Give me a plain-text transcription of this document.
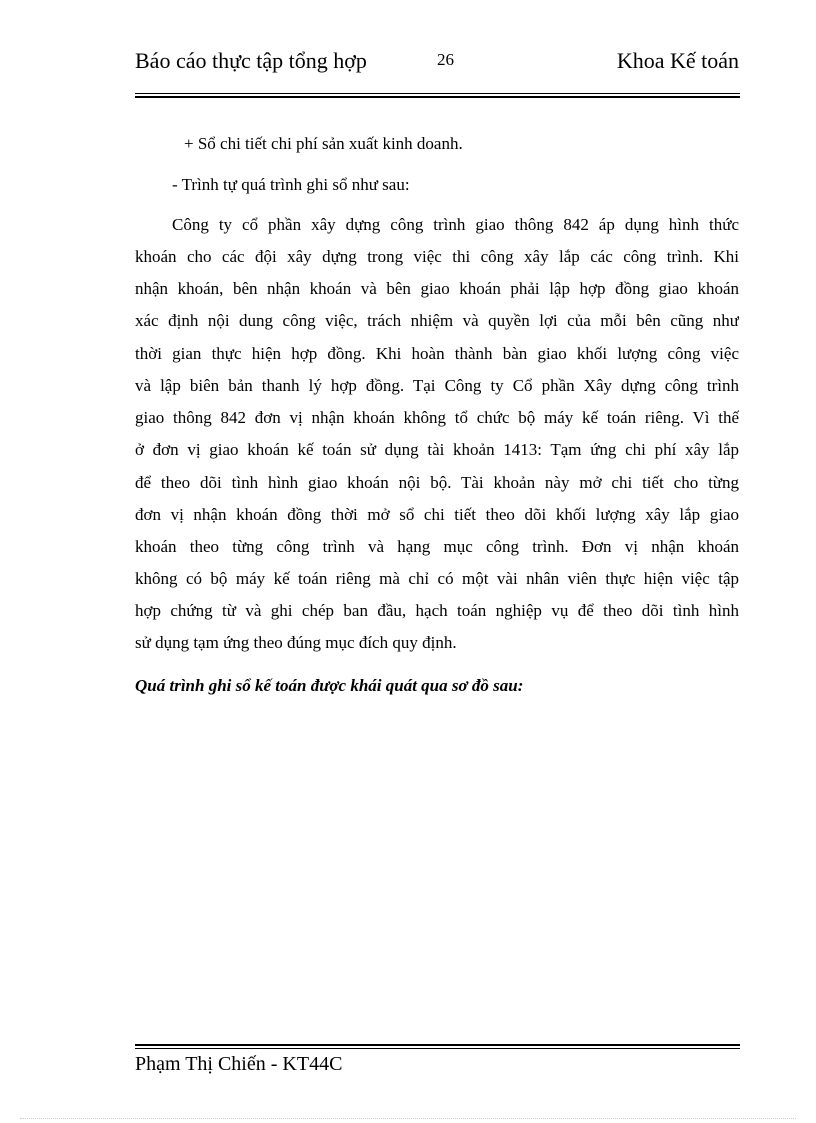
Báo cáo thực tập tổng hợp	26	Khoa Kế toán
+ Sổ chi tiết chi phí sản xuất kinh doanh.
- Trình tự quá trình ghi sổ như sau:
Công ty cổ phần xây dựng công trình giao thông 842 áp dụng hình thức
khoán cho các đội xây dựng trong việc thi công xây lắp các công trình. Khi
nhận khoán, bên nhận khoán và bên giao khoán phải lập hợp đồng giao khoán
xác định nội dung công việc, trách nhiệm và quyền lợi của mỗi bên cũng như
thời gian thực hiện hợp đồng. Khi hoàn thành bàn giao khối lượng công việc
và lập biên bản thanh lý hợp đồng. Tại Công ty Cổ phần Xây dựng công trình
giao thông 842 đơn vị nhận khoán không tổ chức bộ máy kế toán riêng. Vì thế
ở đơn vị giao khoán kế toán sử dụng tài khoản 1413: Tạm ứng chi phí xây lắp
để theo dõi tình hình giao khoán nội bộ. Tài khoản này mở chi tiết cho từng
đơn vị nhận khoán đồng thời mở sổ chi tiết theo dõi khối lượng xây lắp giao
khoán theo từng công trình và hạng mục công trình. Đơn vị nhận khoán
không có bộ máy kế toán riêng mà chỉ có một vài nhân viên thực hiện việc tập
hợp chứng từ và ghi chép ban đầu, hạch toán nghiệp vụ để theo dõi tình hình
sử dụng tạm ứng theo đúng mục đích quy định.
Quá trình ghi sổ kế toán được khái quát qua sơ đồ sau:
Phạm Thị Chiến - KT44C
